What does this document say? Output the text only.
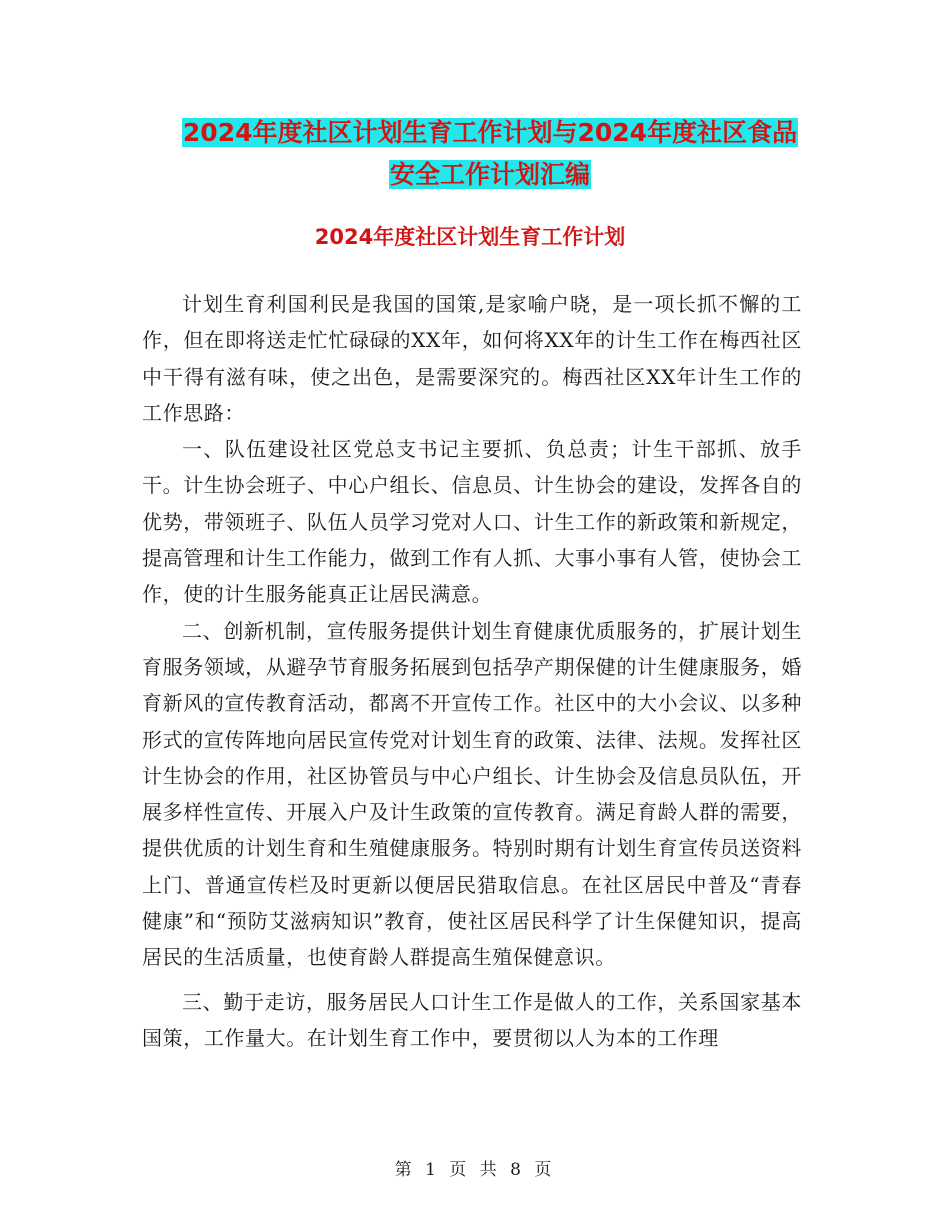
2024年度社区计划生育工作计划与2024年度社区食品
安全工作计划汇编
2024年度社区计划生育工作计划

计划生育利国利民是我国的国策,是家喻户晓，是一项长抓不懈的工作，但在即将送走忙忙碌碌的XX年，如何将XX年的计生工作在梅西社区中干得有滋有味，使之出色，是需要深究的。梅西社区XX年计生工作的工作思路：

一、队伍建设社区党总支书记主要抓、负总责；计生干部抓、放手干。计生协会班子、中心户组长、信息员、计生协会的建设，发挥各自的优势，带领班子、队伍人员学习党对人口、计生工作的新政策和新规定，提高管理和计生工作能力，做到工作有人抓、大事小事有人管，使协会工作，使的计生服务能真正让居民满意。

二、创新机制，宣传服务提供计划生育健康优质服务的，扩展计划生育服务领域，从避孕节育服务拓展到包括孕产期保健的计生健康服务，婚育新风的宣传教育活动，都离不开宣传工作。社区中的大小会议、以多种形式的宣传阵地向居民宣传党对计划生育的政策、法律、法规。发挥社区计生协会的作用，社区协管员与中心户组长、计生协会及信息员队伍，开展多样性宣传、开展入户及计生政策的宣传教育。满足育龄人群的需要，提供优质的计划生育和生殖健康服务。特别时期有计划生育宣传员送资料上门、普通宣传栏及时更新以便居民猎取信息。在社区居民中普及“青春健康”和“预防艾滋病知识”教育，使社区居民科学了计生保健知识，提高居民的生活质量，也使育龄人群提高生殖保健意识。

三、勤于走访，服务居民人口计生工作是做人的工作，关系国家基本国策，工作量大。在计划生育工作中，要贯彻以人为本的工作理

第 1 页 共 8 页
